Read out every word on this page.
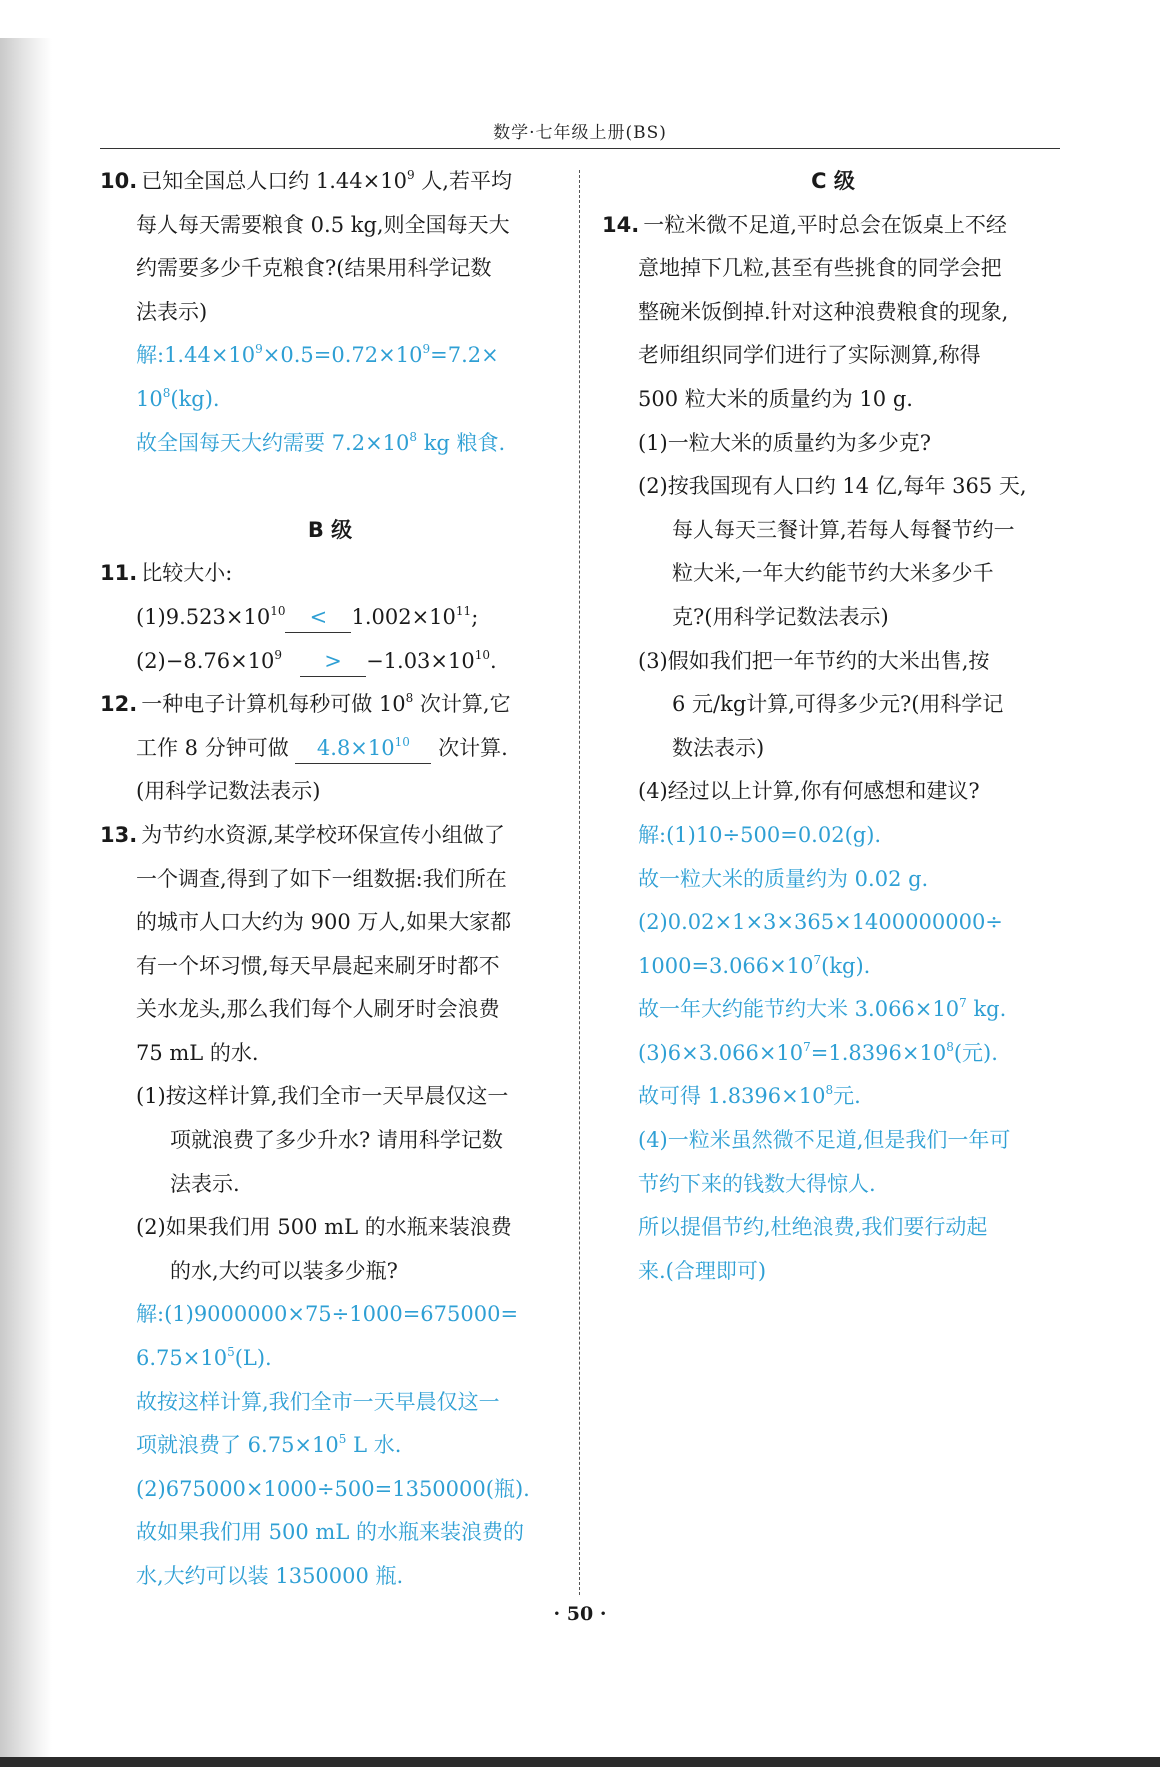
数学·七年级上册(BS)
10. 已知全国总人口约 $1.44\times 10^9$ 人,若平均
每人每天需要粮食 0.5 kg,则全国每天大
约需要多少千克粮食?(结果用科学记数
法表示)
解$:1.44\times 10^9\times 0.5=0.72\times 10^9=7.2\times$
$10^8(kg)$.
故全国每天大约需要 $7.2\times 10^8$ kg 粮食.

B 级
11. 比较大小:
$(1)9.523\times 10^{10} < 1.002\times 10^{11}$;
$(2)-8.76\times 10^9 > -1.03\times 10^{10}$.
12. 一种电子计算机每秒可做 $10^8$ 次计算,它
工作 8 分钟可做 $4.8\times 10^{10}$ 次计算.
(用科学记数法表示)
13. 为节约水资源,某学校环保宣传小组做了
一个调查,得到了如下一组数据:我们所在
的城市人口大约为 900 万人,如果大家都
有一个坏习惯,每天早晨起来刷牙时都不
关水龙头,那么我们每个人刷牙时会浪费
75 mL 的水.
(1)按这样计算,我们全市一天早晨仅这一
项就浪费了多少升水? 请用科学记数
法表示.
(2)如果我们用 500 mL 的水瓶来装浪费
的水,大约可以装多少瓶?
解:(1)9000000×75÷1000=675000=
$6.75\times 10^5(L)$.
故按这样计算,我们全市一天早晨仅这一
项就浪费了 $6.75\times 10^5$ L 水.
(2)675000×1000÷500=1350000(瓶).
故如果我们用 500 mL 的水瓶来装浪费的
水,大约可以装 1350000 瓶.
C 级
14. 一粒米微不足道,平时总会在饭桌上不经
意地掉下几粒,甚至有些挑食的同学会把
整碗米饭倒掉.针对这种浪费粮食的现象,
老师组织同学们进行了实际测算,称得
500 粒大米的质量约为 10 g.
(1)一粒大米的质量约为多少克?
(2)按我国现有人口约 14 亿,每年 365 天,
每人每天三餐计算,若每人每餐节约一
粒大米,一年大约能节约大米多少千
克?(用科学记数法表示)
(3)假如我们把一年节约的大米出售,按
6 元/kg计算,可得多少元?(用科学记
数法表示)
(4)经过以上计算,你有何感想和建议?
解:(1)10÷500=0.02(g).
故一粒大米的质量约为 0.02 g.
(2)0.02×1×3×365×1400000000÷
$1000=3.066\times 10^7(kg)$.
故一年大约能节约大米 $3.066\times 10^7$ kg.
$(3)6\times 3.066\times 10^7=1.8396\times 10^8$(元).
故可得 $1.8396\times 10^8$元.
(4)一粒米虽然微不足道,但是我们一年可
节约下来的钱数大得惊人.
所以提倡节约,杜绝浪费,我们要行动起
来.(合理即可)
· 50 ·
